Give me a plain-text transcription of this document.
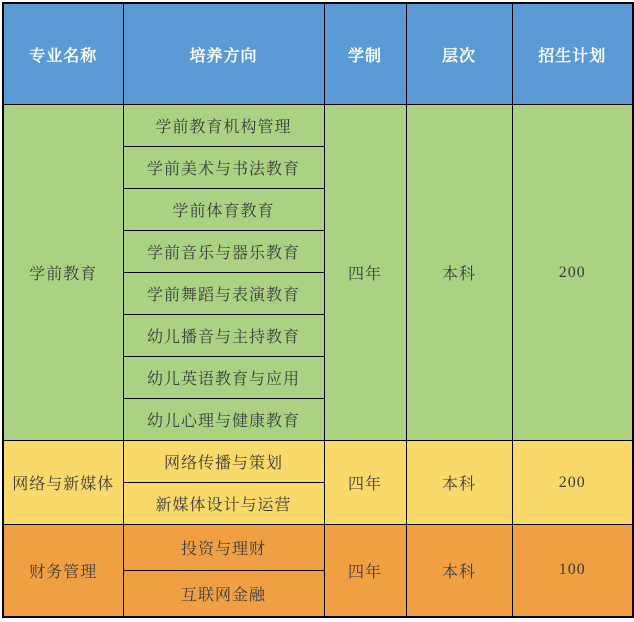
专业名称	培养方向	学制	层次	招生计划
学前教育	学前教育机构管理	四年	本科	200
	学前美术与书法教育			
	学前体育教育			
	学前音乐与器乐教育			
	学前舞蹈与表演教育			
	幼儿播音与主持教育			
	幼儿英语教育与应用			
	幼儿心理与健康教育			
网络与新媒体	网络传播与策划	四年	本科	200
	新媒体设计与运营			
财务管理	投资与理财	四年	本科	100
	互联网金融			
